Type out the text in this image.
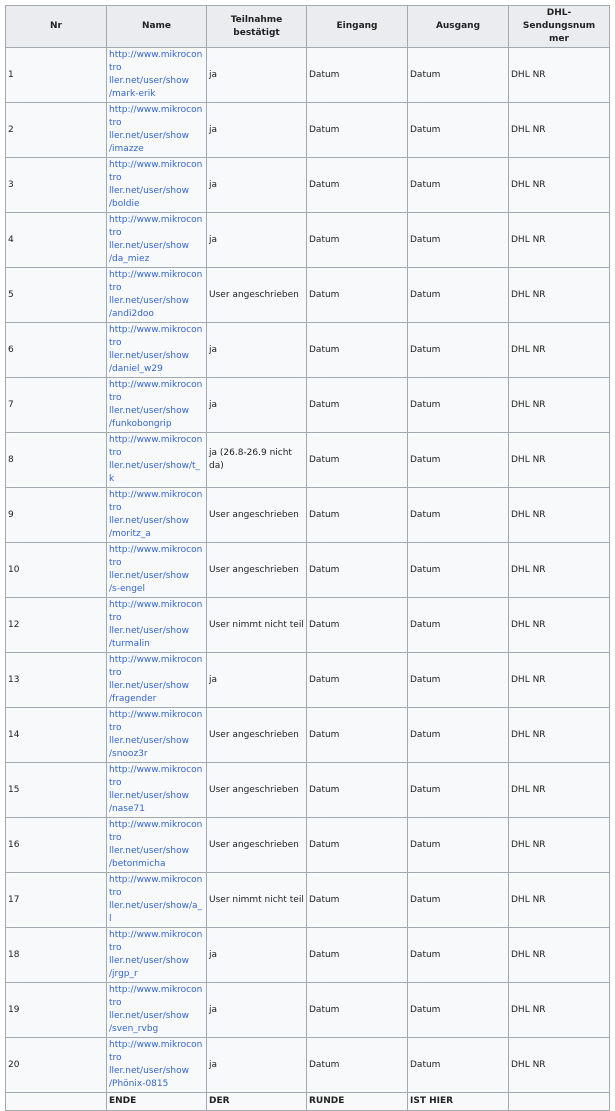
Nr	Name	Teilnahme bestätigt	Eingang	Ausgang	DHL-Sendungsnum
mer
1	http://www.mikrocontro
ller.net/user/show
/mark-erik	ja	Datum	Datum	DHL NR
2	http://www.mikrocontro
ller.net/user/show
/imazze	ja	Datum	Datum	DHL NR
3	http://www.mikrocontro
ller.net/user/show
/boldie	ja	Datum	Datum	DHL NR
4	http://www.mikrocontro
ller.net/user/show
/da_miez	ja	Datum	Datum	DHL NR
5	http://www.mikrocontro
ller.net/user/show
/andi2doo	User angeschrieben	Datum	Datum	DHL NR
6	http://www.mikrocontro
ller.net/user/show
/daniel_w29	ja	Datum	Datum	DHL NR
7	http://www.mikrocontro
ller.net/user/show
/funkobongrip	ja	Datum	Datum	DHL NR
8	http://www.mikrocontro
ller.net/user/show/t_k	ja (26.8-26.9 nicht da)	Datum	Datum	DHL NR
9	http://www.mikrocontro
ller.net/user/show
/moritz_a	User angeschrieben	Datum	Datum	DHL NR
10	http://www.mikrocontro
ller.net/user/show
/s-engel	User angeschrieben	Datum	Datum	DHL NR
12	http://www.mikrocontro
ller.net/user/show
/turmalin	User nimmt nicht teil	Datum	Datum	DHL NR
13	http://www.mikrocontro
ller.net/user/show
/fragender	ja	Datum	Datum	DHL NR
14	http://www.mikrocontro
ller.net/user/show
/snooz3r	User angeschrieben	Datum	Datum	DHL NR
15	http://www.mikrocontro
ller.net/user/show
/nase71	User angeschrieben	Datum	Datum	DHL NR
16	http://www.mikrocontro
ller.net/user/show
/betonmicha	User angeschrieben	Datum	Datum	DHL NR
17	http://www.mikrocontro
ller.net/user/show/a_l	User nimmt nicht teil	Datum	Datum	DHL NR
18	http://www.mikrocontro
ller.net/user/show
/jrgp_r	ja	Datum	Datum	DHL NR
19	http://www.mikrocontro
ller.net/user/show
/sven_rvbg	ja	Datum	Datum	DHL NR
20	http://www.mikrocontro
ller.net/user/show
/Phönix-0815	ja	Datum	Datum	DHL NR
	ENDE	DER	RUNDE	IST HIER	
